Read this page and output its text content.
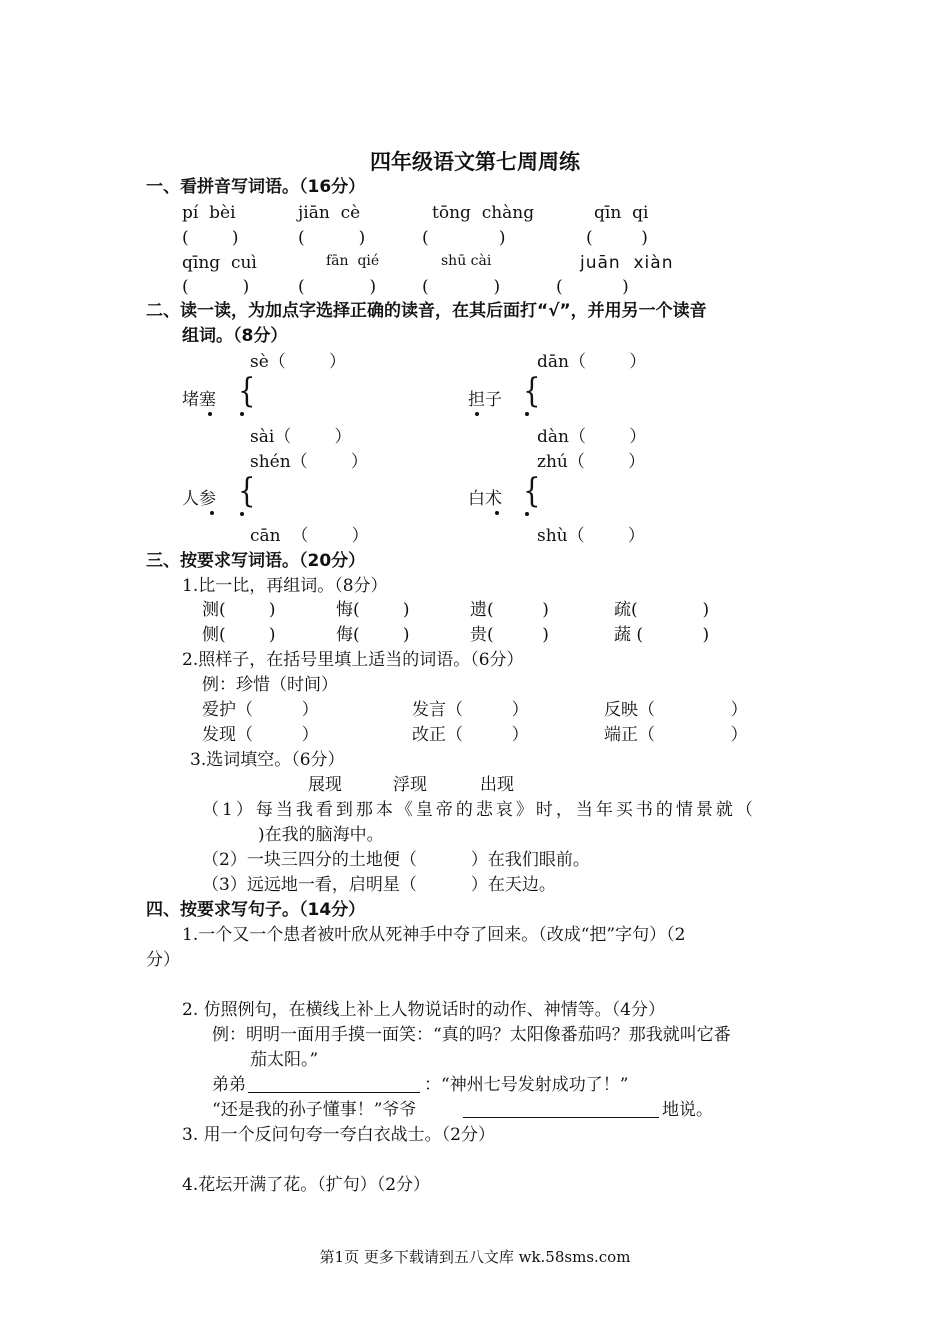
四年级语文第七周周练
一、看拼音写词语。（16分）
pí  bèi	jiān  cè	tōng  chàng	qīn  qi
(        )	(          )	(             )	(         )
qīng  cuì	fān  qié	shū cài	juān  xiàn
(          )	(            )	(            )	(           )
二、读一读，为加点字选择正确的读音，在其后面打“√”，并用另一个读音
组词。（8分）
sè（        ）
堵塞 {
sài（        ）
dān（        ）
担子 {
dàn（        ）
shén（        ）
人参 {
cān  （        ）
zhú（        ）
白术 {
shù（        ）
三、按要求写词语。（20分）
1.比一比，再组词。（8分）
测(        )	悔(        )	遗(         )	疏(            )
侧(        )	侮(        )	贵(         )	蔬 (           )
2.照样子，在括号里填上适当的词语。（6分）
例：珍惜（时间）
爱护（         ）	发言（         ）	反映（              ）
发现（         ）	改正（         ）	端正（              ）
3.选词填空。（6分）
展现	浮现	出现
（1）每当我看到那本《皇帝的悲哀》时，当年买书的情景就（
)在我的脑海中。
（2）一块三四分的土地便（          ）在我们眼前。
（3）远远地一看，启明星（          ）在天边。
四、按要求写句子。（14分）
1.一个又一个患者被叶欣从死神手中夺了回来。（改成“把”字句）（2
分）
2. 仿照例句，在横线上补上人物说话时的动作、神情等。（4分）
例：明明一面用手摸一面笑：“真的吗？太阳像番茄吗？那我就叫它番
茄太阳。”
弟弟	：“神州七号发射成功了！”
“还是我的孙子懂事！”爷爷	地说。
3. 用一个反问句夸一夸白衣战士。（2分）
4.花坛开满了花。（扩句）（2分）
第1页 更多下载请到五八文库 wk.58sms.com
